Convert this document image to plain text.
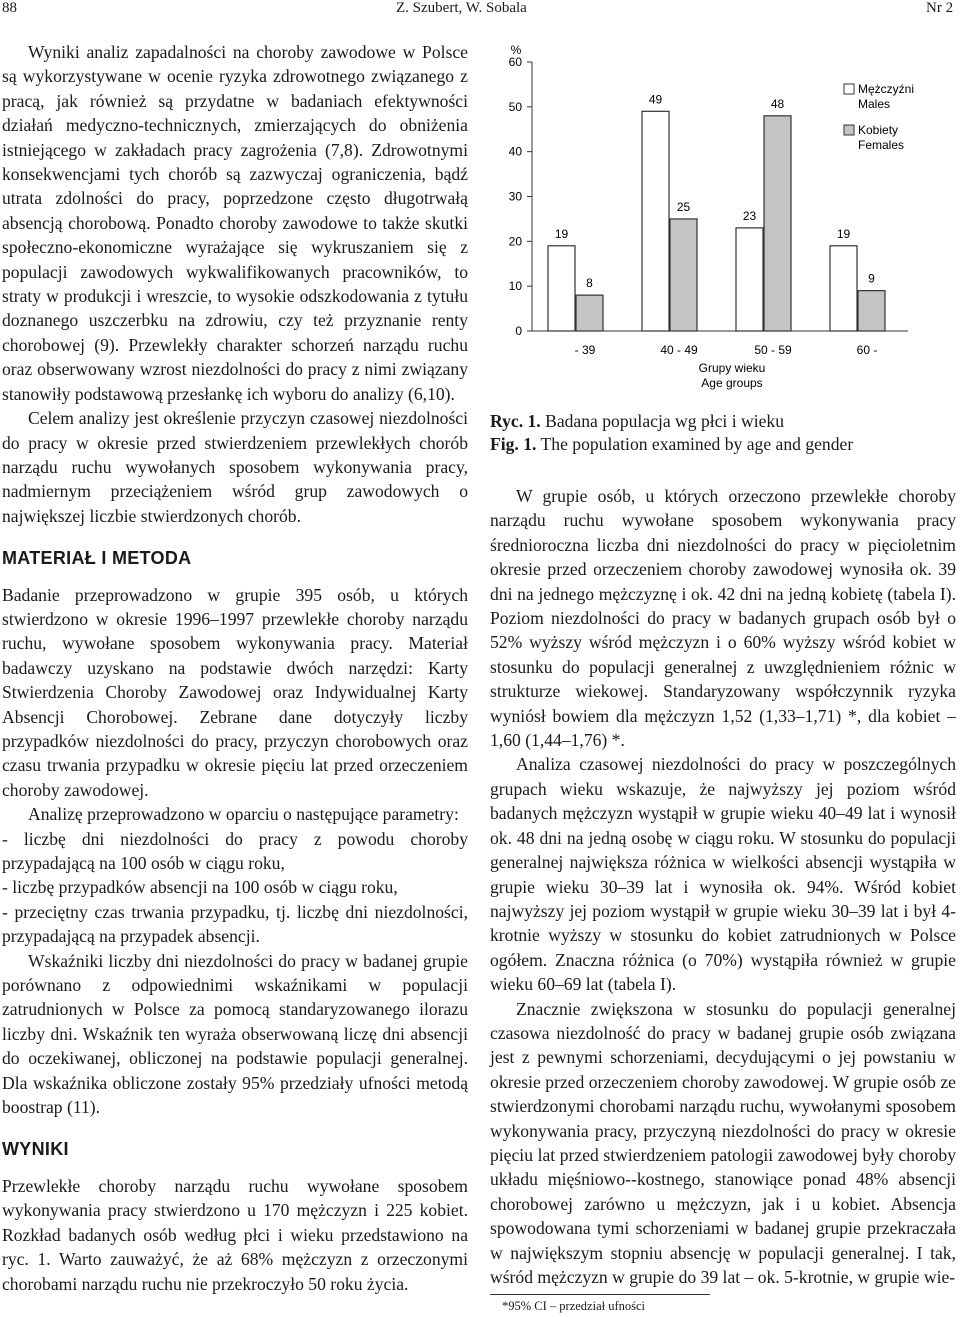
88	Z. Szubert, W. Sobala	Nr 2

Wyniki analiz zapadalności na choroby zawodowe w Polsce są wykorzystywane w ocenie ryzyka zdrowotnego związanego z pracą, jak również są przydatne w badaniach efektywności działań medyczno-technicznych, zmierzających do obniżenia istniejącego w zakładach pracy zagrożenia (7,8). Zdrowotnymi konsekwencjami tych chorób są zazwyczaj ograniczenia, bądź utrata zdolności do pracy, poprzedzone często długotrwałą absencją chorobową. Ponadto choroby zawodowe to także skutki społeczno-ekonomiczne wyrażające się wykruszaniem się z populacji zawodowych wykwalifikowanych pracowników, to straty w produkcji i wreszcie, to wysokie odszkodowania z tytułu doznanego uszczerbku na zdrowiu, czy też przyznanie renty chorobowej (9). Przewlekły charakter schorzeń narządu ruchu oraz obserwowany wzrost niezdolności do pracy z nimi związany stanowiły podstawową przesłankę ich wyboru do analizy (6,10).

Celem analizy jest określenie przyczyn czasowej niezdolności do pracy w okresie przed stwierdzeniem przewlekłych chorób narządu ruchu wywołanych sposobem wykonywania pracy, nadmiernym przeciążeniem wśród grup zawodowych o największej liczbie stwierdzonych chorób.

MATERIAŁ I METODA

Badanie przeprowadzono w grupie 395 osób, u których stwierdzono w okresie 1996–1997 przewlekłe choroby narządu ruchu, wywołane sposobem wykonywania pracy. Materiał badawczy uzyskano na podstawie dwóch narzędzi: Karty Stwierdzenia Choroby Zawodowej oraz Indywidualnej Karty Absencji Chorobowej. Zebrane dane dotyczyły liczby przypadków niezdolności do pracy, przyczyn chorobowych oraz czasu trwania przypadku w okresie pięciu lat przed orzeczeniem choroby zawodowej.

Analizę przeprowadzono w oparciu o następujące parametry:

- liczbę dni niezdolności do pracy z powodu choroby przypadającą na 100 osób w ciągu roku,

- liczbę przypadków absencji na 100 osób w ciągu roku,

- przeciętny czas trwania przypadku, tj. liczbę dni niezdolności, przypadającą na przypadek absencji.

Wskaźniki liczby dni niezdolności do pracy w badanej grupie porównano z odpowiednimi wskaźnikami w populacji zatrudnionych w Polsce za pomocą standaryzowanego ilorazu liczby dni. Wskaźnik ten wyraża obserwowaną liczę dni absencji do oczekiwanej, obliczonej na podstawie populacji generalnej. Dla wskaźnika obliczone zostały 95% przedziały ufności metodą boostrap (11).

WYNIKI

Przewlekłe choroby narządu ruchu wywołane sposobem wykonywania pracy stwierdzono u 170 mężczyzn i 225 kobiet. Rozkład badanych osób według płci i wieku przedstawiono na ryc. 1. Warto zauważyć, że aż 68% mężczyzn z orzeczonymi chorobami narządu ruchu nie przekroczyło 50 roku życia.

%
0
10
20
30
40
50
60
19
8
49
25
23
48
19
9
- 39	40 - 49	50 - 59	60 -
Grupy wieku
Age groups
Mężczyźni
Males
Kobiety
Females
Ryc. 1. Badana populacja wg płci i wieku
Fig. 1. The population examined by age and gender

W grupie osób, u których orzeczono przewlekłe choroby narządu ruchu wywołane sposobem wykonywania pracy średnioroczna liczba dni niezdolności do pracy w pięcioletnim okresie przed orzeczeniem choroby zawodowej wynosiła ok. 39 dni na jednego mężczyznę i ok. 42 dni na jedną kobietę (tabela I). Poziom niezdolności do pracy w badanych grupach osób był o 52% wyższy wśród mężczyzn i o 60% wyższy wśród kobiet w stosunku do populacji generalnej z uwzględnieniem różnic w strukturze wiekowej. Standaryzowany współczynnik ryzyka wyniósł bowiem dla mężczyzn 1,52 (1,33–1,71) *, dla kobiet – 1,60 (1,44–1,76) *.

Analiza czasowej niezdolności do pracy w poszczególnych grupach wieku wskazuje, że najwyższy jej poziom wśród badanych mężczyzn wystąpił w grupie wieku 40–49 lat i wynosił ok. 48 dni na jedną osobę w ciągu roku. W stosunku do populacji generalnej największa różnica w wielkości absencji wystąpiła w grupie wieku 30–39 lat i wynosiła ok. 94%. Wśród kobiet najwyższy jej poziom wystąpił w grupie wieku 30–39 lat i był 4-krotnie wyższy w stosunku do kobiet zatrudnionych w Polsce ogółem. Znaczna różnica (o 70%) wystąpiła również w grupie wieku 60–69 lat (tabela I).

Znacznie zwiększona w stosunku do populacji generalnej czasowa niezdolność do pracy w badanej grupie osób związana jest z pewnymi schorzeniami, decydującymi o jej powstaniu w okresie przed orzeczeniem choroby zawodowej. W grupie osób ze stwierdzonymi chorobami narządu ruchu, wywołanymi sposobem wykonywania pracy, przyczyną niezdolności do pracy w okresie pięciu lat przed stwierdzeniem patologii zawodowej były choroby układu mięśniowo--kostnego, stanowiące ponad 48% absencji chorobowej zarówno u mężczyzn, jak i u kobiet. Absencja spowodowana tymi schorzeniami w badanej grupie przekraczała w największym stopniu absencję w populacji generalnej. I tak, wśród mężczyzn w grupie do 39 lat – ok. 5-krotnie, w grupie wie-

*95% CI – przedział ufności
